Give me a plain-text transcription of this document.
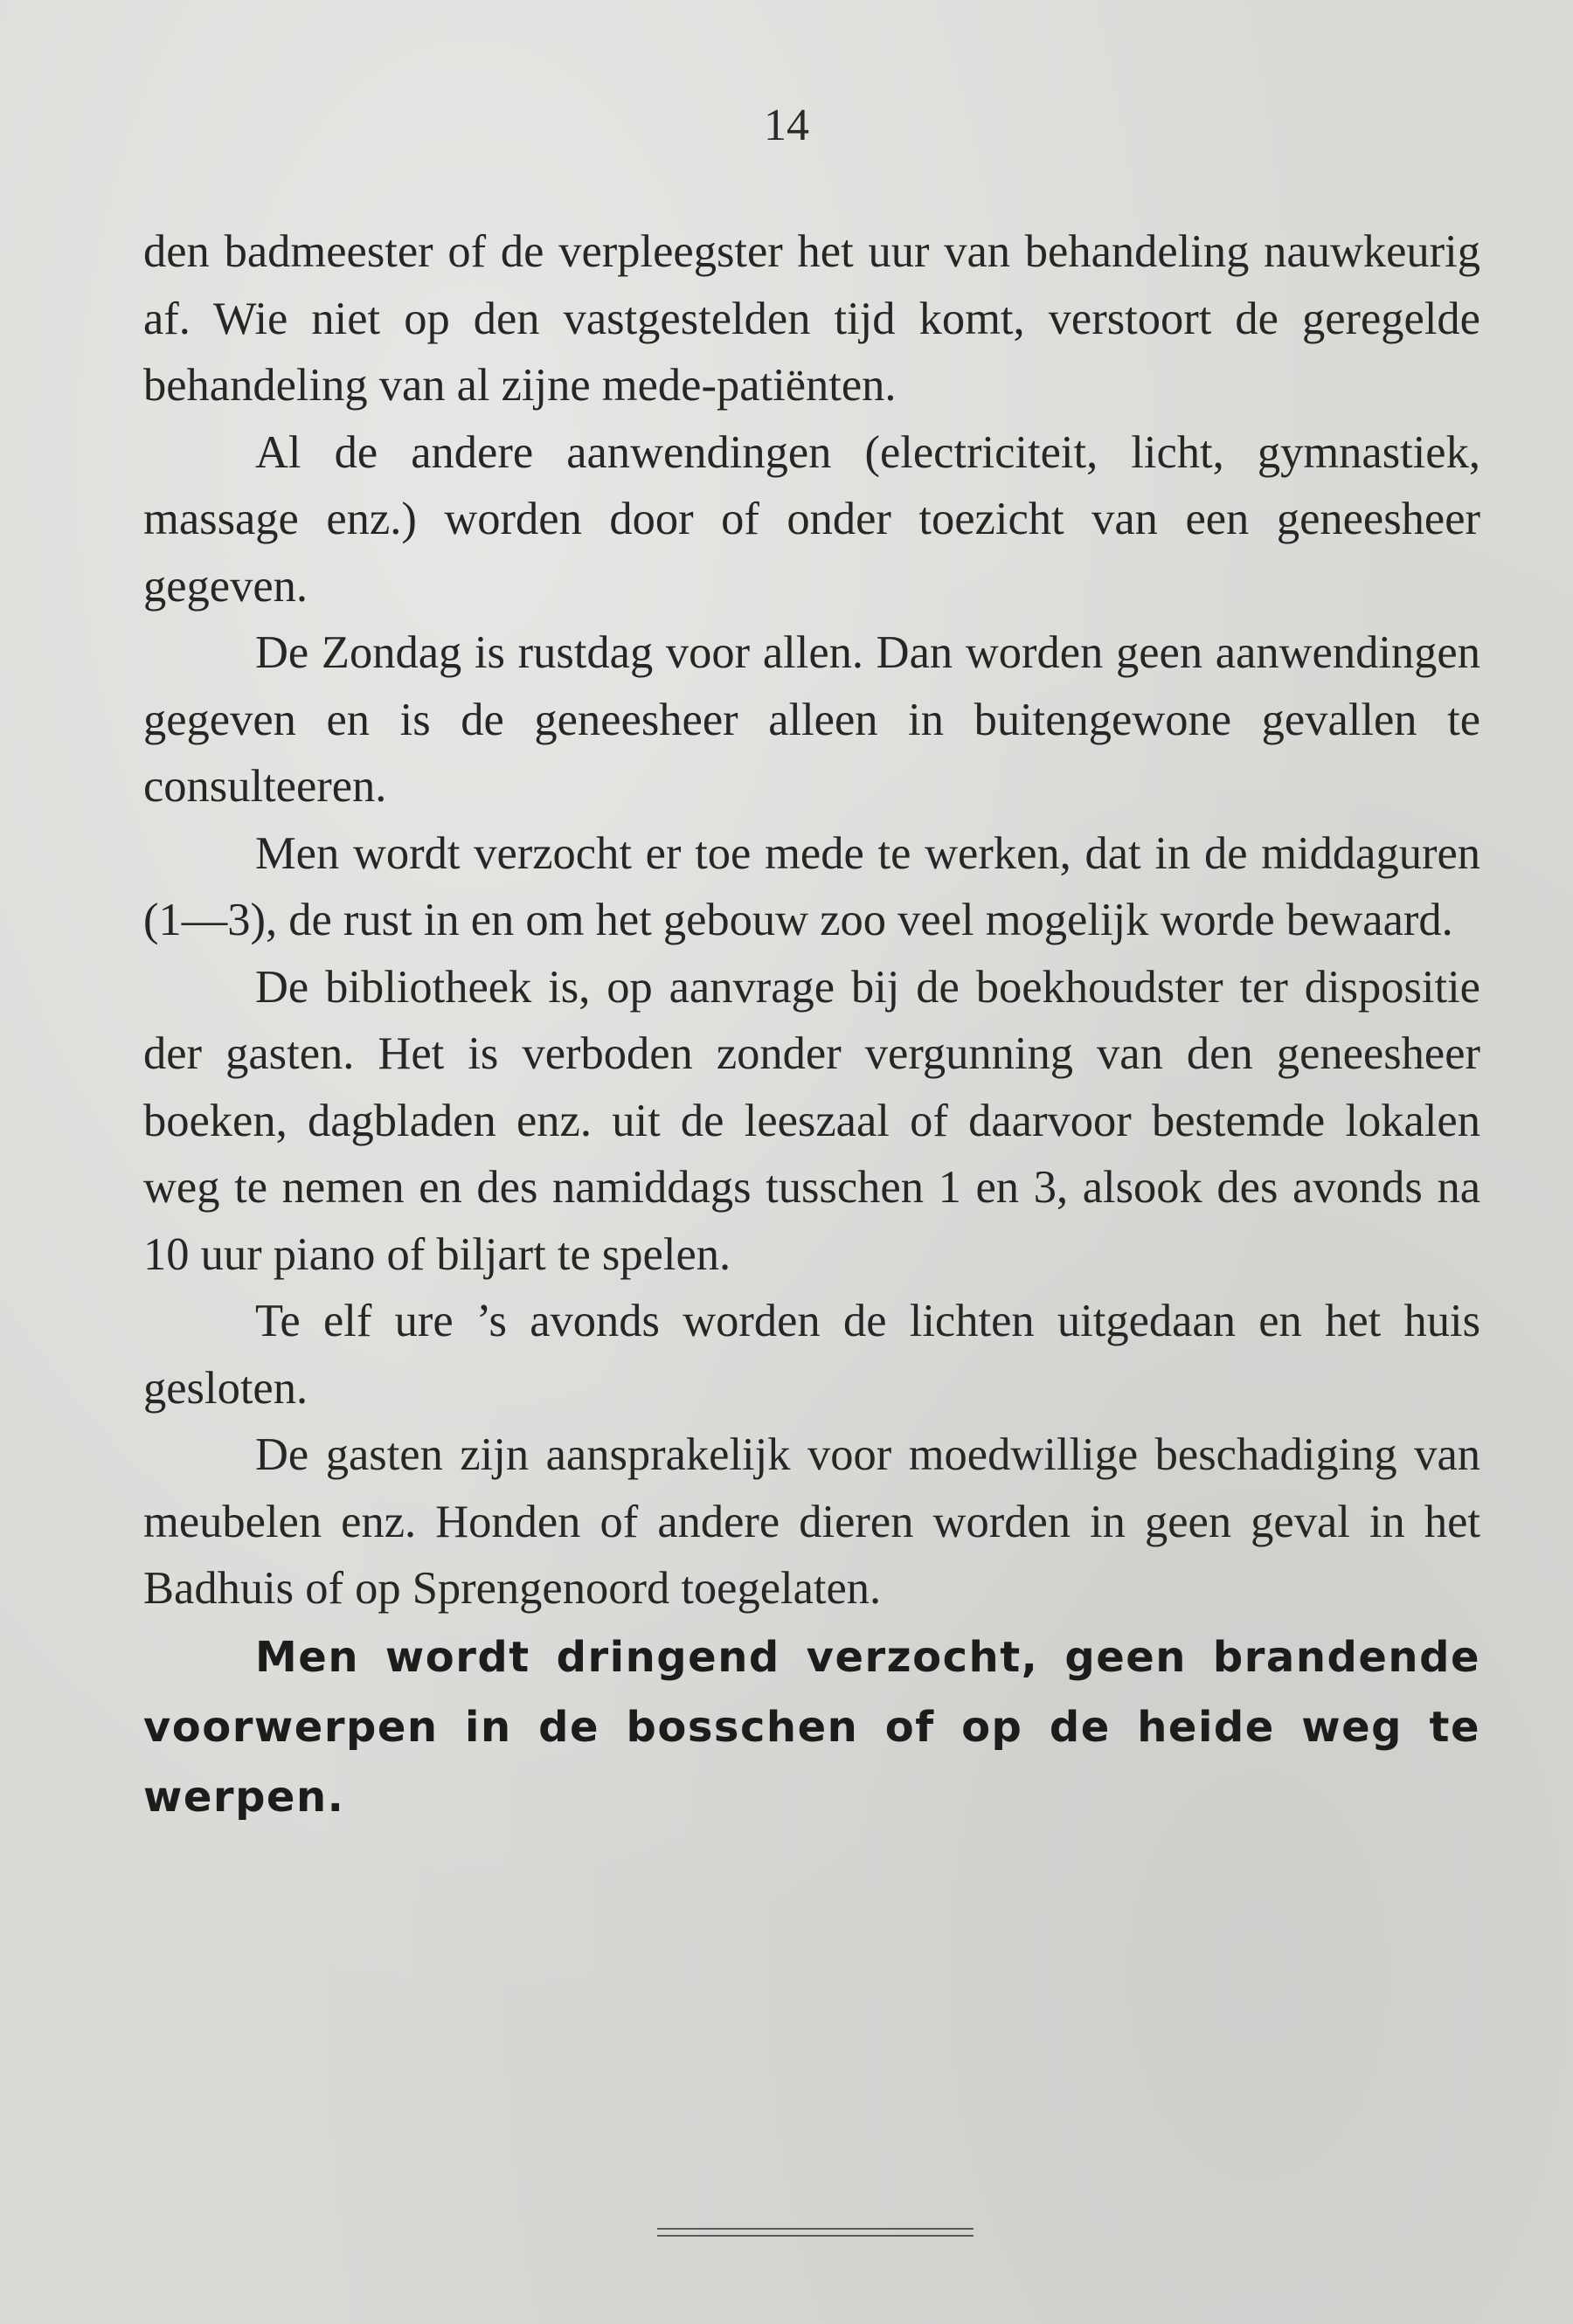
14

den badmeester of de verpleegster het uur van behandeling nauwkeurig af. Wie niet op den vastgestelden tijd komt, verstoort de geregelde behandeling van al zijne mede-patiënten.

Al de andere aanwendingen (electriciteit, licht, gymnastiek, massage enz.) worden door of onder toezicht van een geneesheer gegeven.

De Zondag is rustdag voor allen. Dan worden geen aanwendingen gegeven en is de geneesheer alleen in buitengewone gevallen te consulteeren.

Men wordt verzocht er toe mede te werken, dat in de middaguren (1—3), de rust in en om het gebouw zoo veel mogelijk worde bewaard.

De bibliotheek is, op aanvrage bij de boekhoudster ter dispositie der gasten. Het is verboden zonder vergunning van den geneesheer boeken, dagbladen enz. uit de leeszaal of daarvoor bestemde lokalen weg te nemen en des namiddags tusschen 1 en 3, alsook des avonds na 10 uur piano of biljart te spelen.

Te elf ure ’s avonds worden de lichten uitgedaan en het huis gesloten.

De gasten zijn aansprakelijk voor moedwillige beschadiging van meubelen enz. Honden of andere dieren worden in geen geval in het Badhuis of op Sprengenoord toegelaten.

Men wordt dringend verzocht, geen brandende voorwerpen in de bosschen of op de heide weg te werpen.
